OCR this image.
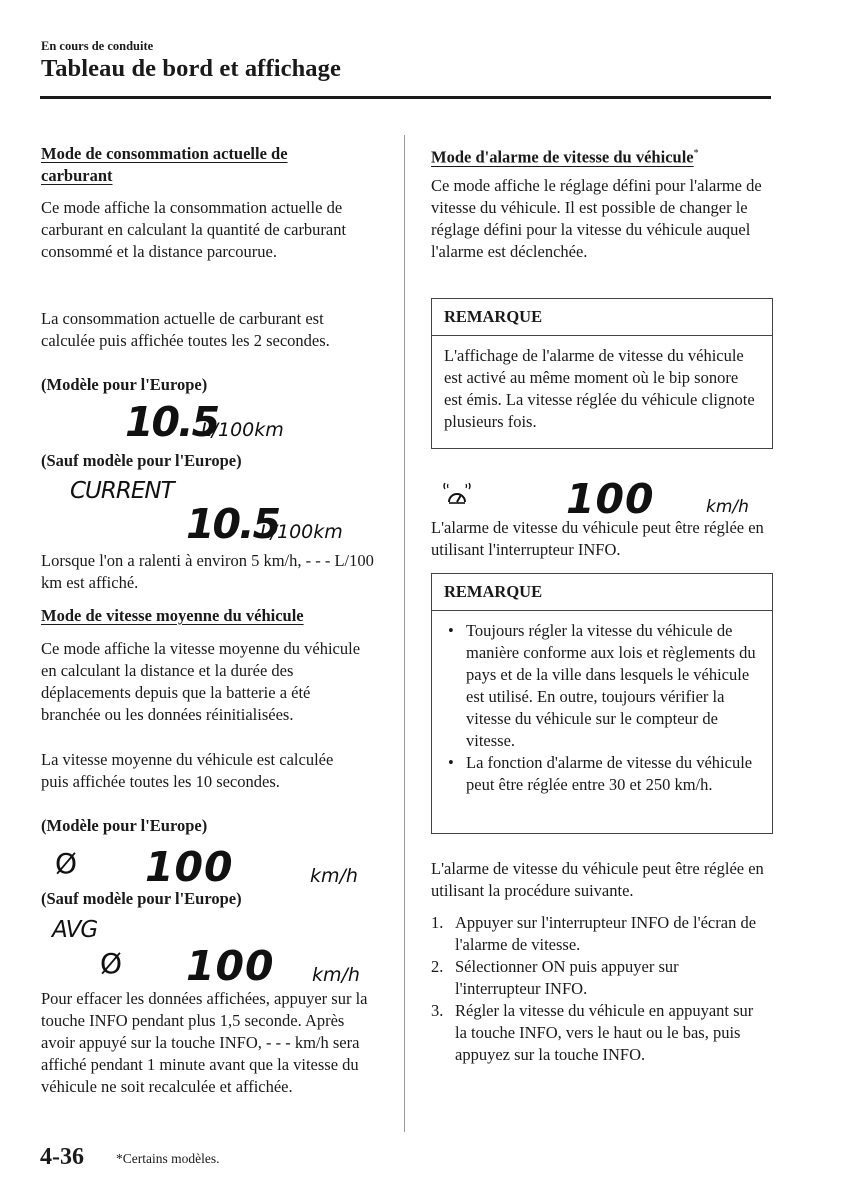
En cours de conduite
Tableau de bord et affichage
Mode de consommation actuelle de carburant

Ce mode affiche la consommation actuelle de carburant en calculant la quantité de carburant consommé et la distance parcourue.

La consommation actuelle de carburant est calculée puis affichée toutes les 2 secondes.

(Modèle pour l'Europe)
10.5
L/100km
(Sauf modèle pour l'Europe)
CURRENT
10.5
L/100km

Lorsque l'on a ralenti à environ 5 km/h, - - - L/100 km est affiché.

Mode de vitesse moyenne du véhicule

Ce mode affiche la vitesse moyenne du véhicule en calculant la distance et la durée des déplacements depuis que la batterie a été branchée ou les données réinitialisées.

La vitesse moyenne du véhicule est calculée puis affichée toutes les 10 secondes.

(Modèle pour l'Europe)
Ø 100	km/h
(Sauf modèle pour l'Europe)
AVG
Ø 100 km/h

Pour effacer les données affichées, appuyer sur la touche INFO pendant plus 1,5 seconde. Après avoir appuyé sur la touche INFO, - - - km/h sera affiché pendant 1 minute avant que la vitesse du véhicule ne soit recalculée et affichée.

Mode d'alarme de vitesse du véhicule*

Ce mode affiche le réglage défini pour l'alarme de vitesse du véhicule. Il est possible de changer le réglage défini pour la vitesse du véhicule auquel l'alarme est déclenchée.

REMARQUE
L'affichage de l'alarme de vitesse du véhicule est activé au même moment où le bip sonore est émis. La vitesse réglée du véhicule clignote plusieurs fois.
100	km/h

L'alarme de vitesse du véhicule peut être réglée en utilisant l'interrupteur INFO.

REMARQUE
• Toujours régler la vitesse du véhicule de manière conforme aux lois et règlements du pays et de la ville dans lesquels le véhicule est utilisé. En outre, toujours vérifier la vitesse du véhicule sur le compteur de vitesse.
• La fonction d'alarme de vitesse du véhicule peut être réglée entre 30 et 250 km/h.

L'alarme de vitesse du véhicule peut être réglée en utilisant la procédure suivante.

1. Appuyer sur l'interrupteur INFO de l'écran de l'alarme de vitesse.
2. Sélectionner ON puis appuyer sur l'interrupteur INFO.
3. Régler la vitesse du véhicule en appuyant sur la touche INFO, vers le haut ou le bas, puis appuyez sur la touche INFO.
4-36 *Certains modèles.
